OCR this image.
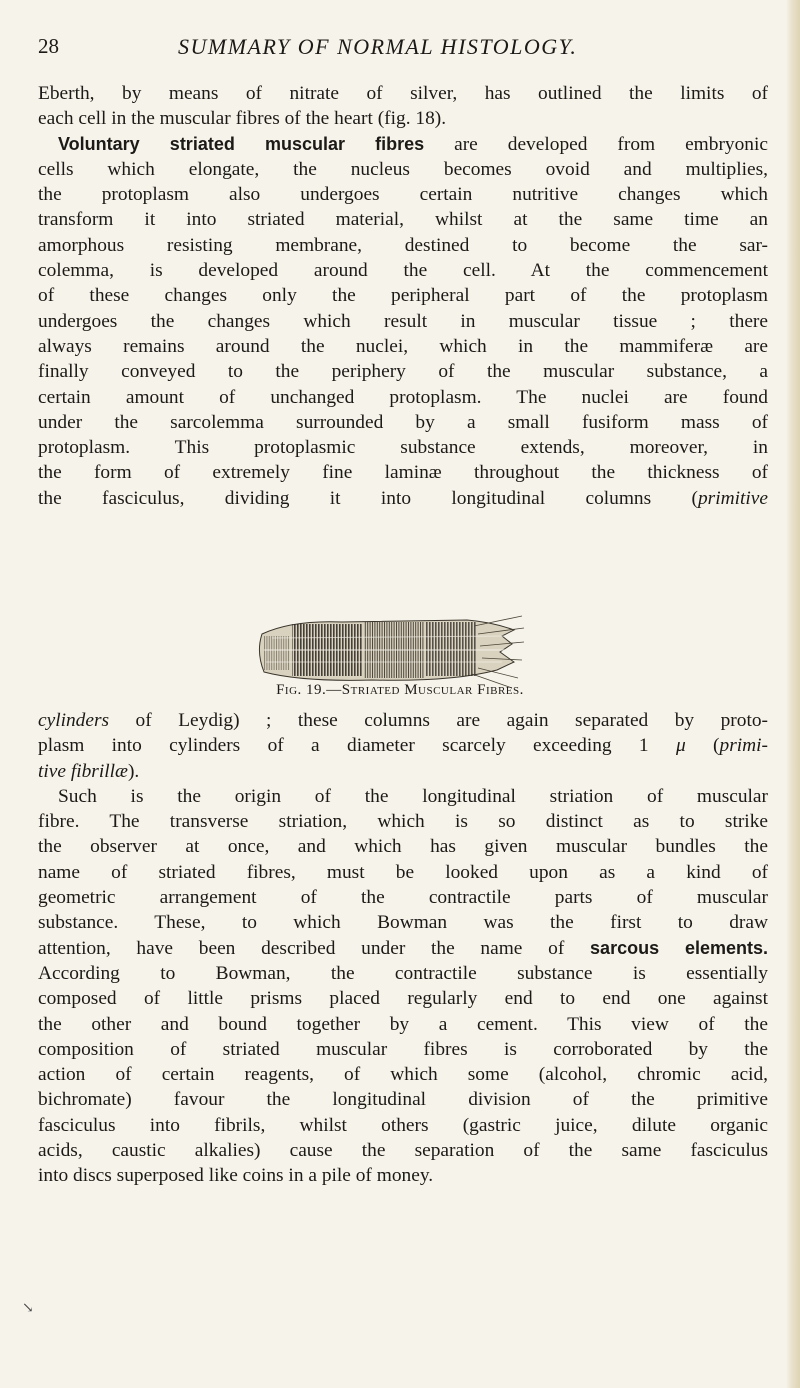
28	SUMMARY OF NORMAL HISTOLOGY.
Eberth, by means of nitrate of silver, has outlined the limits of
each cell in the muscular fibres of the heart (fig. 18).
Voluntary striated muscular fibres are developed from embryonic
cells which elongate, the nucleus becomes ovoid and multiplies,
the protoplasm also undergoes certain nutritive changes which
transform it into striated material, whilst at the same time an
amorphous resisting membrane, destined to become the sar-
colemma, is developed around the cell. At the commencement
of these changes only the peripheral part of the protoplasm
undergoes the changes which result in muscular tissue ; there
always remains around the nuclei, which in the mammiferæ are
finally conveyed to the periphery of the muscular substance, a
certain amount of unchanged protoplasm. The nuclei are found
under the sarcolemma surrounded by a small fusiform mass of
protoplasm. This protoplasmic substance extends, moreover, in
the form of extremely fine laminæ throughout the thickness of
the fasciculus, dividing it into longitudinal columns (primitive
Fig. 19.—Striated Muscular Fibres.
cylinders of Leydig) ; these columns are again separated by proto-
plasm into cylinders of a diameter scarcely exceeding 1 μ (primi-
tive fibrillæ).
Such is the origin of the longitudinal striation of muscular
fibre. The transverse striation, which is so distinct as to strike
the observer at once, and which has given muscular bundles the
name of striated fibres, must be looked upon as a kind of
geometric arrangement of the contractile parts of muscular
substance. These, to which Bowman was the first to draw
attention, have been described under the name of sarcous elements.
According to Bowman, the contractile substance is essentially
composed of little prisms placed regularly end to end one against
the other and bound together by a cement. This view of the
composition of striated muscular fibres is corroborated by the
action of certain reagents, of which some (alcohol, chromic acid,
bichromate) favour the longitudinal division of the primitive
fasciculus into fibrils, whilst others (gastric juice, dilute organic
acids, caustic alkalies) cause the separation of the same fasciculus
into discs superposed like coins in a pile of money.
↘
